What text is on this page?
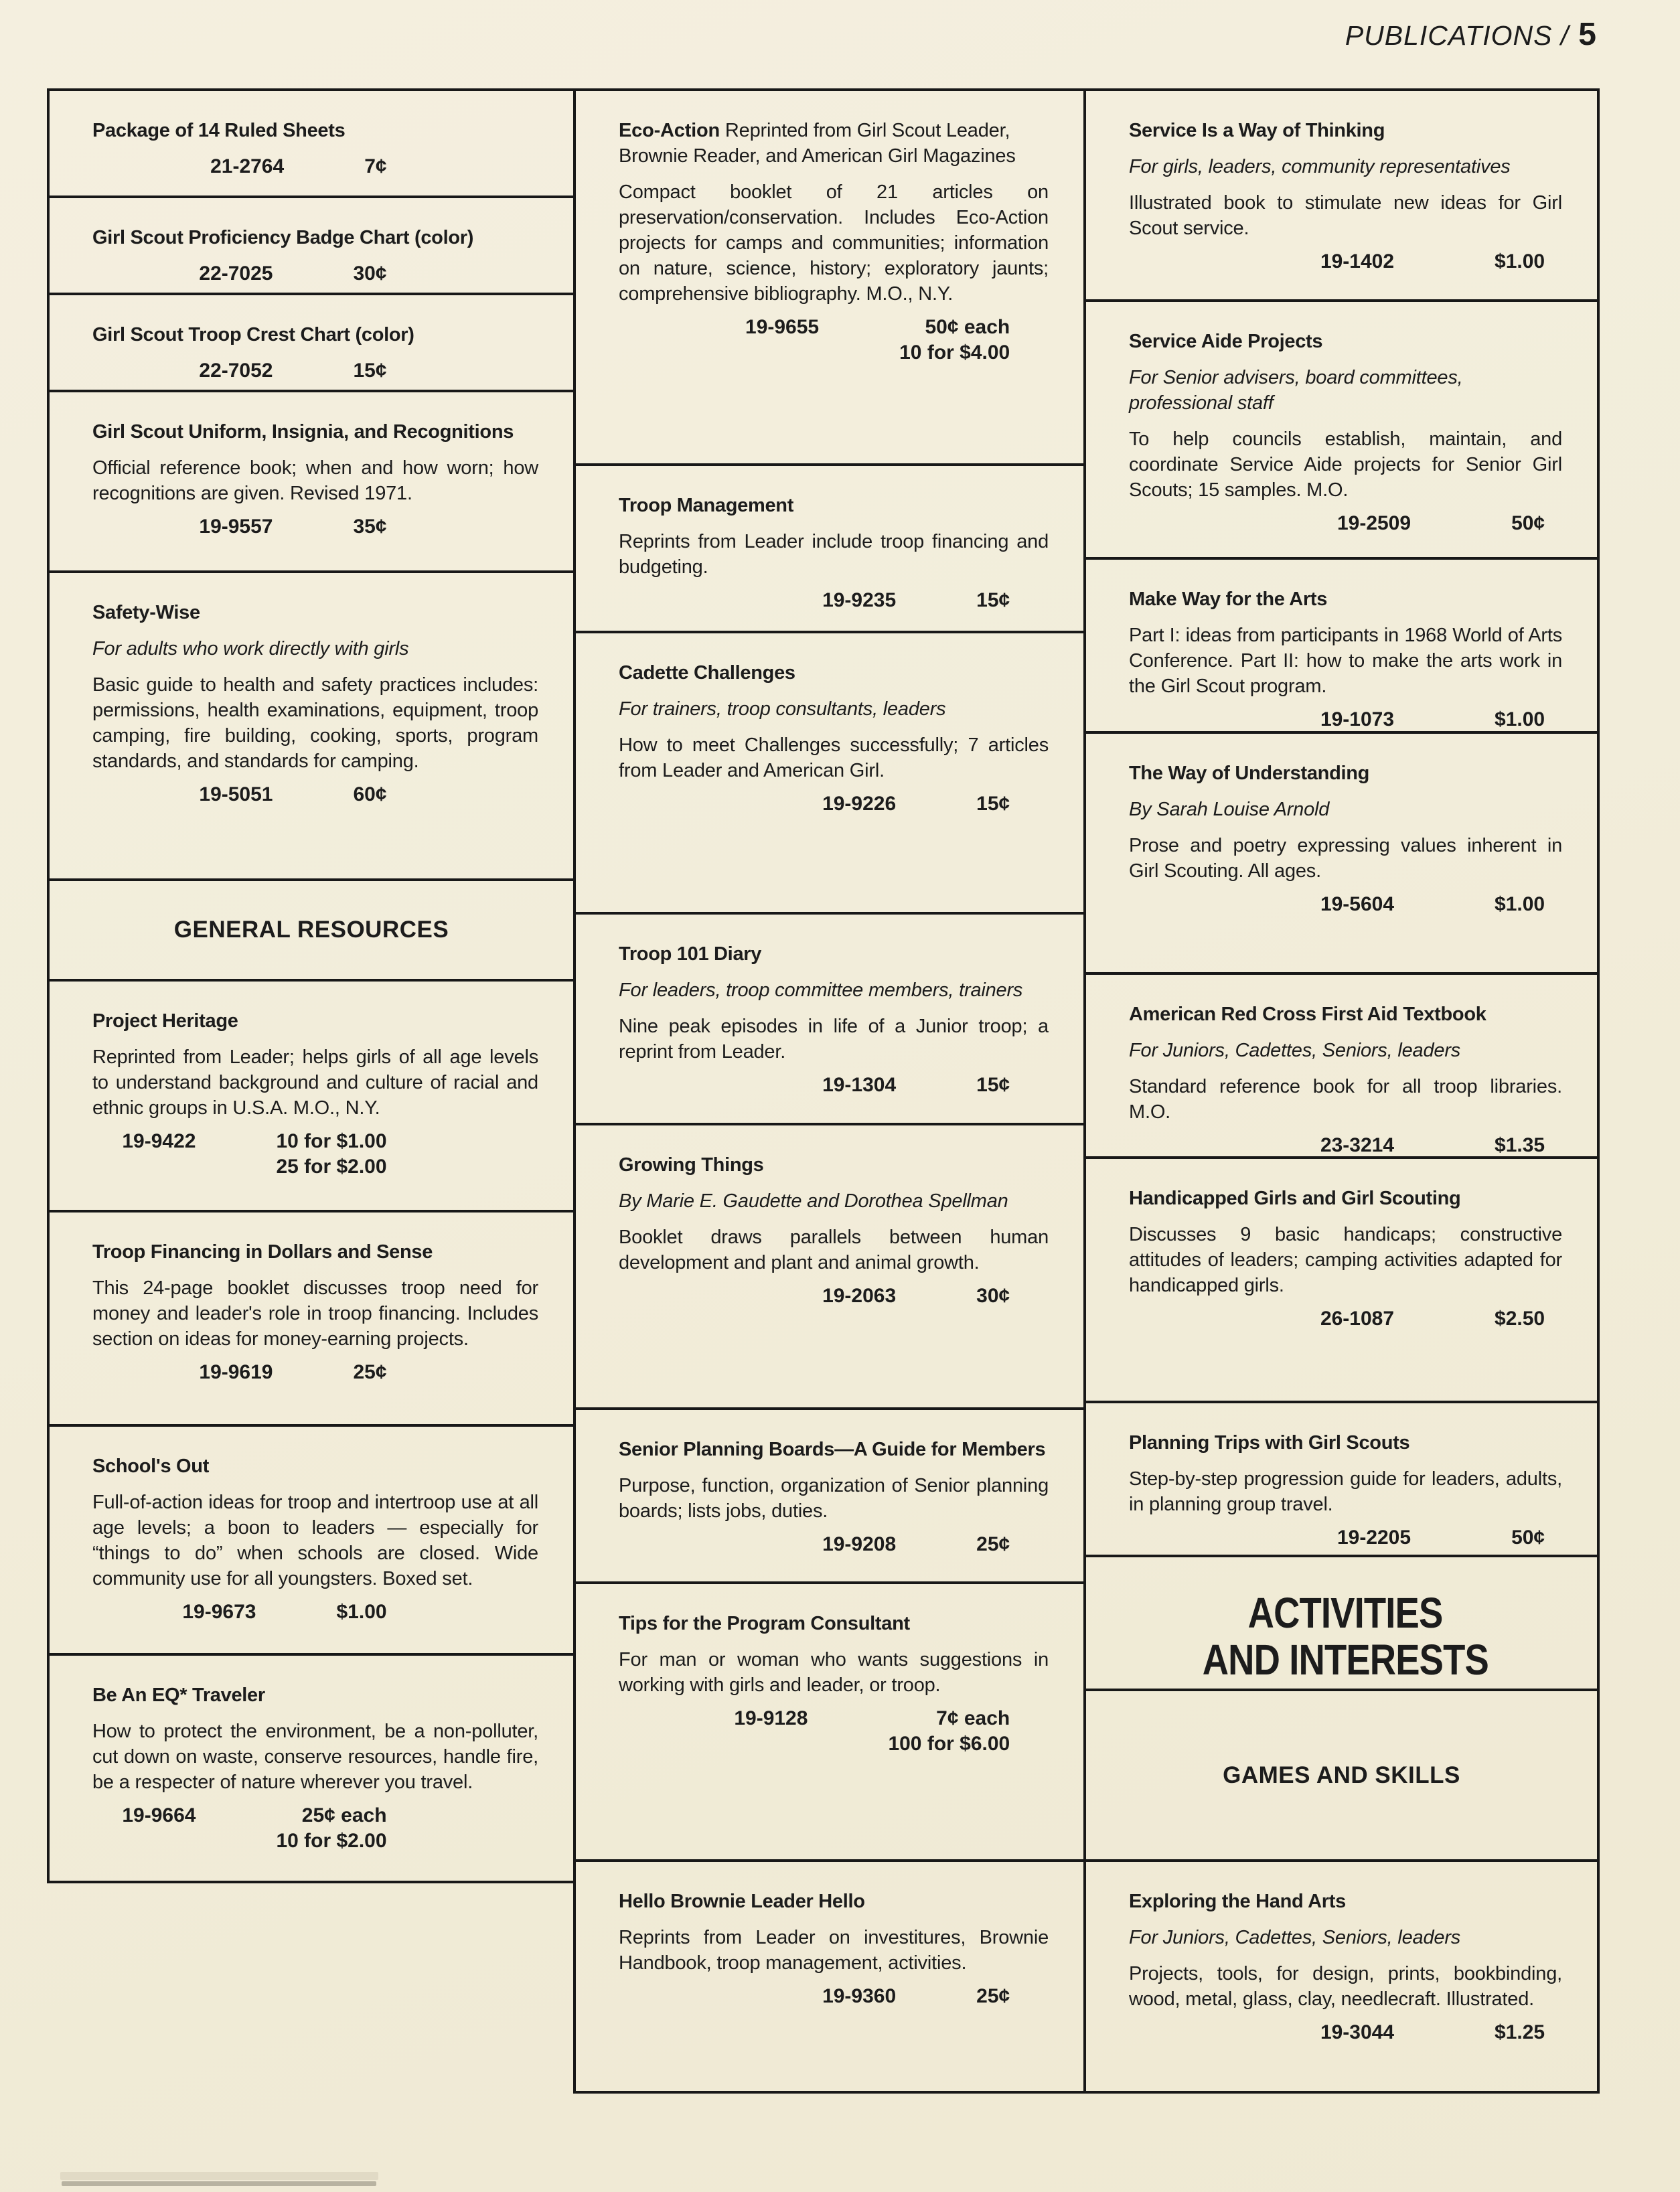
PUBLICATIONS / 5
Package of 14 Ruled Sheets
21-2764	7¢
Girl Scout Proficiency Badge Chart (color)
22-7025	30¢
Girl Scout Troop Crest Chart (color)
22-7052	15¢
Girl Scout Uniform, Insignia, and Recognitions
Official reference book; when and how worn; how recognitions are given. Revised 1971.
19-9557	35¢
Safety-Wise
For adults who work directly with girls
Basic guide to health and safety practices includes: permissions, health examinations, equipment, troop camping, fire building, cooking, sports, program standards, and standards for camping.
19-5051	60¢
GENERAL RESOURCES
Project Heritage
Reprinted from Leader; helps girls of all age levels to understand background and culture of racial and ethnic groups in U.S.A. M.O., N.Y.
19-9422	10 for $1.00
25 for $2.00
Troop Financing in Dollars and Sense
This 24-page booklet discusses troop need for money and leader's role in troop financing. Includes section on ideas for money-earning projects.
19-9619	25¢
School's Out
Full-of-action ideas for troop and intertroop use at all age levels; a boon to leaders — especially for “things to do” when schools are closed. Wide community use for all youngsters. Boxed set.
19-9673	$1.00
Be An EQ* Traveler
How to protect the environment, be a non-polluter, cut down on waste, conserve resources, handle fire, be a respecter of nature wherever you travel.
19-9664	25¢ each
10 for $2.00
Eco-Action Reprinted from Girl Scout Leader, Brownie Reader, and American Girl Magazines
Compact booklet of 21 articles on preservation/conservation. Includes Eco-Action projects for camps and communities; information on nature, science, history; exploratory jaunts; comprehensive bibliography. M.O., N.Y.
19-9655	50¢ each
10 for $4.00
Troop Management
Reprints from Leader include troop financing and budgeting.
19-9235	15¢
Cadette Challenges
For trainers, troop consultants, leaders
How to meet Challenges successfully; 7 articles from Leader and American Girl.
19-9226	15¢
Troop 101 Diary
For leaders, troop committee members, trainers
Nine peak episodes in life of a Junior troop; a reprint from Leader.
19-1304	15¢
Growing Things
By Marie E. Gaudette and Dorothea Spellman
Booklet draws parallels between human development and plant and animal growth.
19-2063	30¢
Senior Planning Boards—A Guide for Members
Purpose, function, organization of Senior planning boards; lists jobs, duties.
19-9208	25¢
Tips for the Program Consultant
For man or woman who wants suggestions in working with girls and leader, or troop.
19-9128	7¢ each
100 for $6.00
Hello Brownie Leader Hello
Reprints from Leader on investitures, Brownie Handbook, troop management, activities.
19-9360	25¢
Service Is a Way of Thinking
For girls, leaders, community representatives
Illustrated book to stimulate new ideas for Girl Scout service.
19-1402	$1.00
Service Aide Projects
For Senior advisers, board committees, professional staff
To help councils establish, maintain, and coordinate Service Aide projects for Senior Girl Scouts; 15 samples. M.O.
19-2509	50¢
Make Way for the Arts
Part I: ideas from participants in 1968 World of Arts Conference. Part II: how to make the arts work in the Girl Scout program.
19-1073	$1.00
The Way of Understanding
By Sarah Louise Arnold
Prose and poetry expressing values inherent in Girl Scouting. All ages.
19-5604	$1.00
American Red Cross First Aid Textbook
For Juniors, Cadettes, Seniors, leaders
Standard reference book for all troop libraries. M.O.
23-3214	$1.35
Handicapped Girls and Girl Scouting
Discusses 9 basic handicaps; constructive attitudes of leaders; camping activities adapted for handicapped girls.
26-1087	$2.50
Planning Trips with Girl Scouts
Step-by-step progression guide for leaders, adults, in planning group travel.
19-2205	50¢
ACTIVITIES
AND INTERESTS
GAMES AND SKILLS
Exploring the Hand Arts
For Juniors, Cadettes, Seniors, leaders
Projects, tools, for design, prints, bookbinding, wood, metal, glass, clay, needlecraft. Illustrated.
19-3044	$1.25
